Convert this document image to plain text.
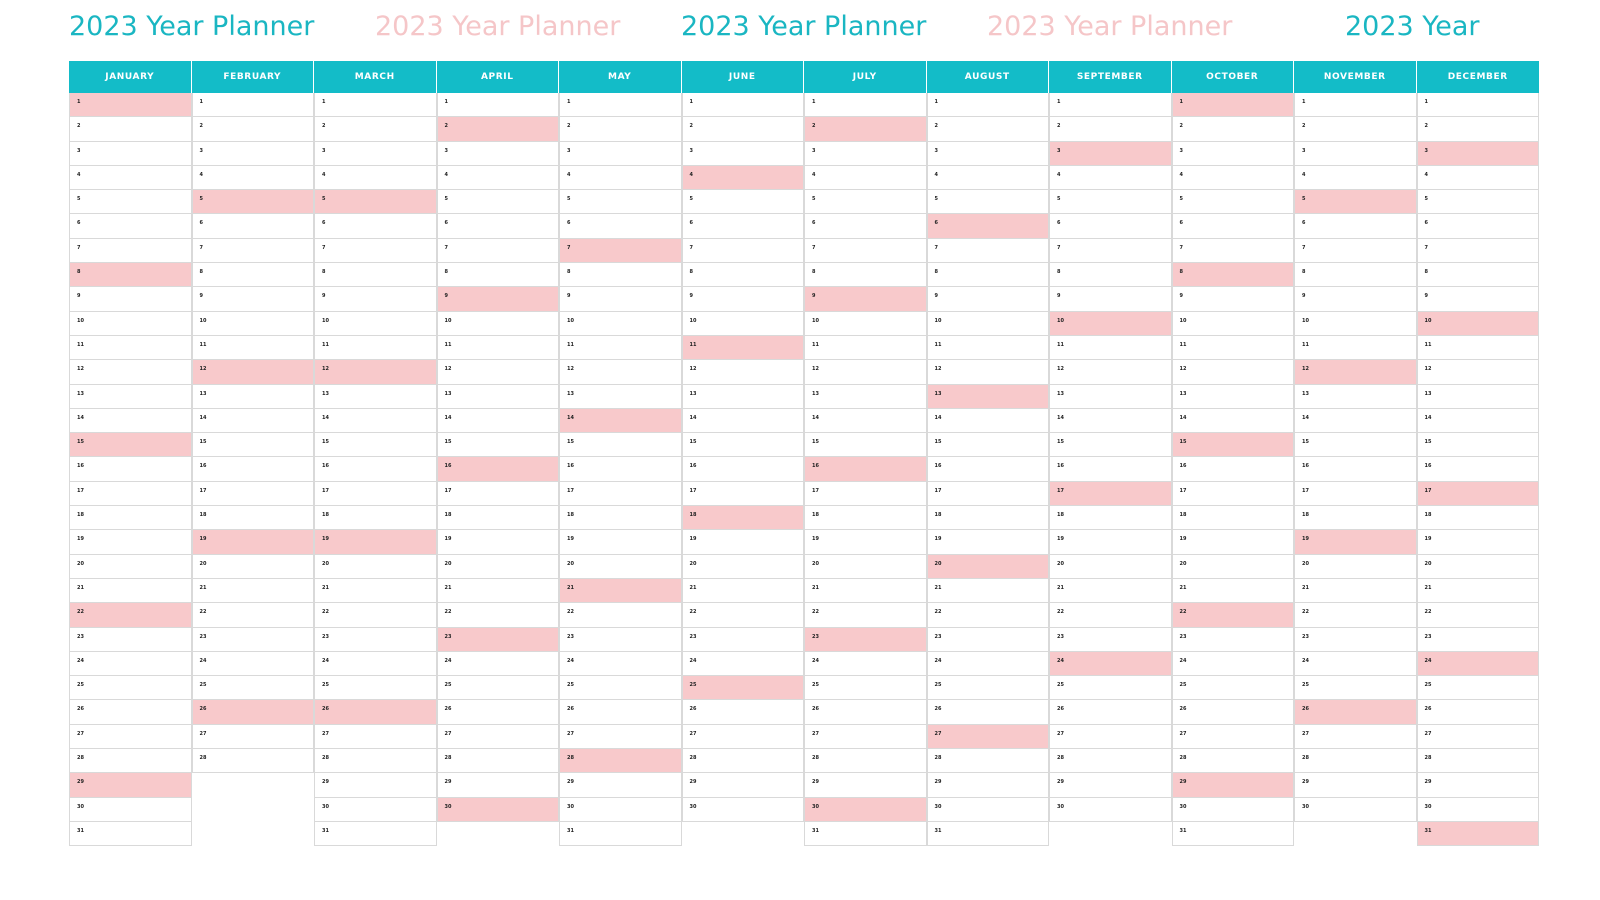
2023 Year Planner 2023 Year Planner 2023 Year Planner 2023 Year Planner	2023 Year
JANUARY
1
2
3
4
5
6
7
8
9
10
11
12
13
14
15
16
17
18
19
20
21
22
23
24
25
26
27
28
29
30
31
FEBRUARY
1
2
3
4
5
6
7
8
9
10
11
12
13
14
15
16
17
18
19
20
21
22
23
24
25
26
27
28
MARCH
1
2
3
4
5
6
7
8
9
10
11
12
13
14
15
16
17
18
19
20
21
22
23
24
25
26
27
28
29
30
31
APRIL
1
2
3
4
5
6
7
8
9
10
11
12
13
14
15
16
17
18
19
20
21
22
23
24
25
26
27
28
29
30
MAY
1
2
3
4
5
6
7
8
9
10
11
12
13
14
15
16
17
18
19
20
21
22
23
24
25
26
27
28
29
30
31
JUNE
1
2
3
4
5
6
7
8
9
10
11
12
13
14
15
16
17
18
19
20
21
22
23
24
25
26
27
28
29
30
JULY
1
2
3
4
5
6
7
8
9
10
11
12
13
14
15
16
17
18
19
20
21
22
23
24
25
26
27
28
29
30
31
AUGUST
1
2
3
4
5
6
7
8
9
10
11
12
13
14
15
16
17
18
19
20
21
22
23
24
25
26
27
28
29
30
31
SEPTEMBER
1
2
3
4
5
6
7
8
9
10
11
12
13
14
15
16
17
18
19
20
21
22
23
24
25
26
27
28
29
30
OCTOBER
1
2
3
4
5
6
7
8
9
10
11
12
13
14
15
16
17
18
19
20
21
22
23
24
25
26
27
28
29
30
31
NOVEMBER
1
2
3
4
5
6
7
8
9
10
11
12
13
14
15
16
17
18
19
20
21
22
23
24
25
26
27
28
29
30
DECEMBER
1
2
3
4
5
6
7
8
9
10
11
12
13
14
15
16
17
18
19
20
21
22
23
24
25
26
27
28
29
30
31
